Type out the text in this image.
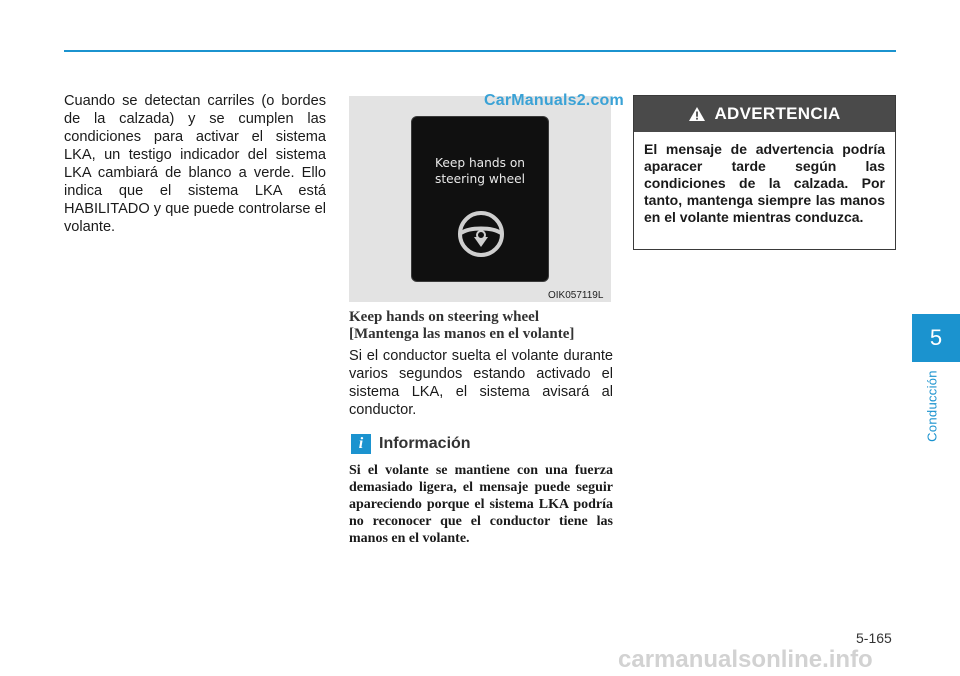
Cuando se detectan carriles (o bordes de la calzada) y se cumplen las condiciones para activar el sistema LKA, un testigo indicador del sistema LKA cambiará de blanco a verde. Ello indica que el sistema LKA está HABILITADO y que puede controlarse el volante.

Keep hands on
steering wheel
CarManuals2.com
OIK057119L
Keep hands on steering wheel
[Mantenga las manos en el volante]

Si el conductor suelta el volante durante varios segundos estando activado el sistema LKA, el sistema avisará al conductor.

i Información

Si el volante se mantiene con una fuerza demasiado ligera, el mensaje puede seguir apareciendo porque el sistema LKA podría no reconocer que el conductor tiene las manos en el volante.

ADVERTENCIA

El mensaje de advertencia podría aparacer tarde según las condiciones de la calzada. Por tanto, mantenga siempre las manos en el volante mientras conduzca.

5
Conducción
5-165
carmanualsonline.info
